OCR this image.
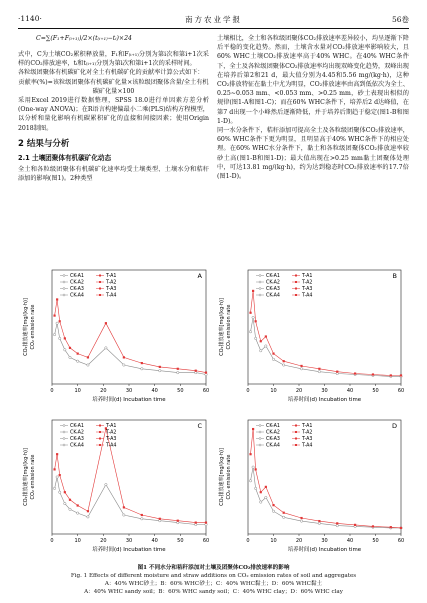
·1140·	南方农业学报	56卷
C=∑(F₁+F₍ᵢ₊₁₎)/2×(t₍ᵢ₊₁₎−tᵢ)×24

式中，C为土壤CO₂累积释放量，F₁和F₍ᵢ₊₁₎分别为第i次和第i+1次采样的CO₂排放速率，tᵢ和t₍ᵢ₊₁₎分别为第i次和第i+1次的采样时间。

各粒级团聚体有机碳矿化对全土有机碳矿化的贡献率计算公式如下：

贡献率(%)=该粒级团聚体有机碳矿化量×该粒级团聚体含量/全土有机碳矿化量×100

采用Excel 2019进行数据整理，SPSS 18.0进行单因素方差分析(One-way ANOVA)；在R语言构建偏最小二乘(PLS)结构方程模型，以分析和量化影响有机碳累积矿化的直接和间接因素；使用Origin 2018制图。

2 结果与分析
2.1 土壤团聚体有机碳矿化动态

全土和各粒级团聚体有机碳矿化速率均受土壤类型、土壤水分和秸秆添加的影响(图1)。2种类型

土壤相比，全土和各粒级团聚体CO₂排放速率差异较小，均呈逐渐下降后平稳的变化趋势。然而，土壤含水量对CO₂排放速率影响较大，且60% WHC土壤CO₂排放速率高于40% WHC。在40% WHC条件下，全土及各粒级团聚体CO₂排放速率均出现双峰变化趋势，双峰出现在培养后第2和21 d，最大值分别为4.45和5.56 mg/(kg·h)，这种CO₂排放特征在黏土中尤为明显，CO₂排放速率由高到低依次为全土、0.25~0.053 mm、<0.053 mm、>0.25 mm，砂土表现出相似的规律(图1-A和图1-C)；而在60% WHC条件下，培养后2 d达峰值，在第7 d出现一个小峰然后逐渐降低，并于培养后期趋于稳定(图1-B和图1-D)。

同一水分条件下，秸秆添加可提高全土及各粒级团聚体CO₂排放速率，60% WHC条件下更为明显，且明显高于40% WHC条件下的相应处理。在60% WHC水分条件下，黏土和各粒级团聚体CO₂排放速率较砂土高(图1-B和图1-D)；最大值出现在>0.25 mm黏土团聚体处理中，可达13.81 mg/(kg·h)，约为达到稳态时CO₂排放速率的17.7倍(图1-D)。

0	10	20	30	40	50	60
培养时间(d) Incubation time
CO₂排放速率[mg/(kg·h)] CO₂ emission rate
A
CK-A1
CK-A2
CK-A3
CK-A4
T-A1
T-A2
T-A3
T-A4
0	10	20	30	40	50	60
培养时间(d) Incubation time
CO₂排放速率[mg/(kg·h)] CO₂ emission rate
B
CK-A1
CK-A2
CK-A3
CK-A4
T-A1
T-A2
T-A3
T-A4
0	10	20	30	40	50	60
培养时间(d) Incubation time
CO₂排放速率[mg/(kg·h)] CO₂ emission rate
C
CK-A1
CK-A2
CK-A3
CK-A4
T-A1
T-A2
T-A3
T-A4
0	10	20	30	40	50	60
培养时间(d) Incubation time
CO₂排放速率[mg/(kg·h)] CO₂ emission rate
D
CK-A1
CK-A2
CK-A3
CK-A4
T-A1
T-A2
T-A3
T-A4
图1 不同水分和秸秆添加对土壤及团聚体CO₂排放速率的影响
Fig. 1 Effects of different moisture and straw additions on CO₂ emission rates of soil and aggregates
A：40% WHC砂土；B：60% WHC砂土；C：40% WHC黏土；D：60% WHC黏土
A：40% WHC sandy soil；B：60% WHC sandy soil；C：40% WHC clay；D：60% WHC clay
